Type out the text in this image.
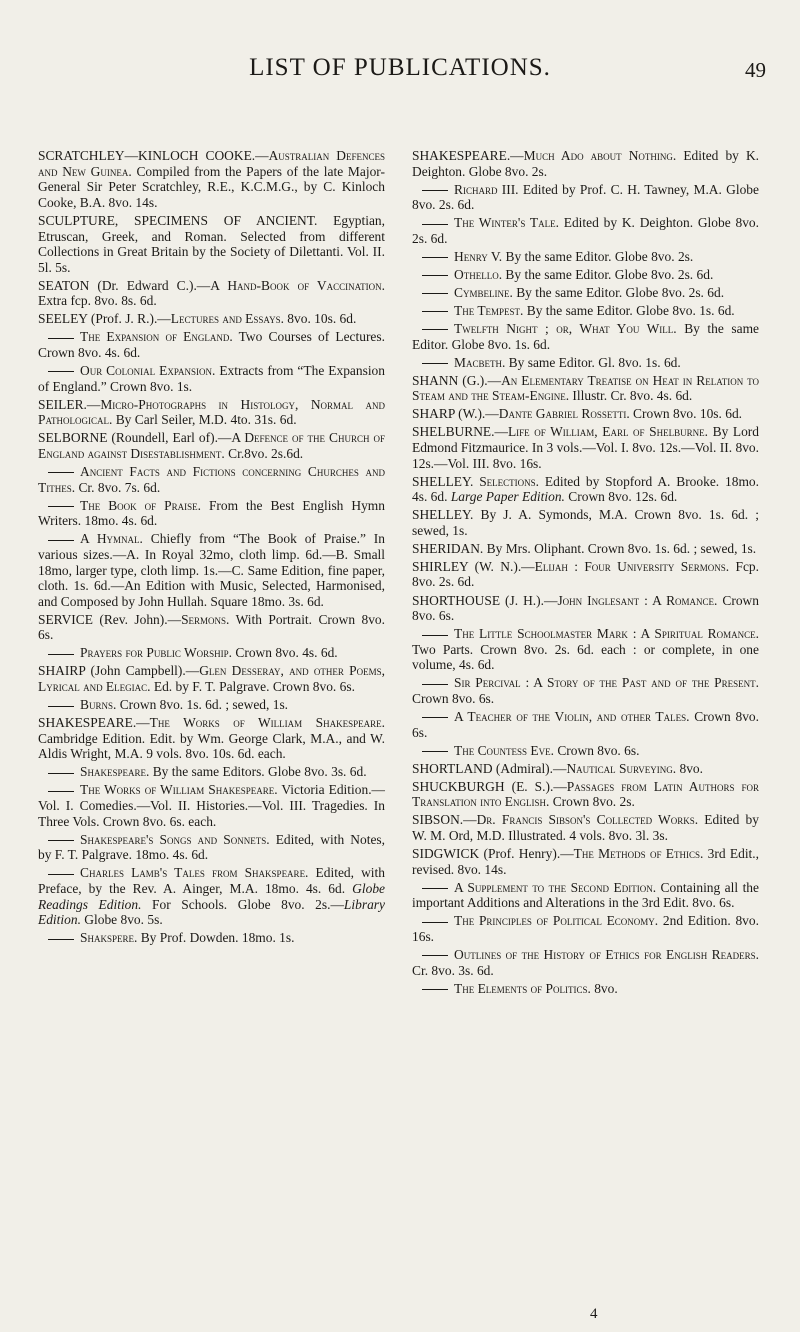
LIST OF PUBLICATIONS.	49
SCRATCHLEY—KINLOCH COOKE.—Australian Defences and New Guinea. Compiled from the Papers of the late Major-General Sir Peter Scratchley, R.E., K.C.M.G., by C. Kinloch Cooke, B.A. 8vo. 14s.
SCULPTURE, SPECIMENS OF ANCIENT. Egyptian, Etruscan, Greek, and Roman. Selected from different Collections in Great Britain by the Society of Dilettanti. Vol. II. 5l. 5s.
SEATON (Dr. Edward C.).—A Hand-Book of Vaccination. Extra fcp. 8vo. 8s. 6d.
SEELEY (Prof. J. R.).—Lectures and Essays. 8vo. 10s. 6d.
The Expansion of England. Two Courses of Lectures. Crown 8vo. 4s. 6d.
Our Colonial Expansion. Extracts from “The Expansion of England.” Crown 8vo. 1s.
SEILER.—Micro-Photographs in Histology, Normal and Pathological. By Carl Seiler, M.D. 4to. 31s. 6d.
SELBORNE (Roundell, Earl of).—A Defence of the Church of England against Disestablishment. Cr.8vo. 2s.6d.
Ancient Facts and Fictions concerning Churches and Tithes. Cr. 8vo. 7s. 6d.
The Book of Praise. From the Best English Hymn Writers. 18mo. 4s. 6d.
A Hymnal. Chiefly from “The Book of Praise.” In various sizes.—A. In Royal 32mo, cloth limp. 6d.—B. Small 18mo, larger type, cloth limp. 1s.—C. Same Edition, fine paper, cloth. 1s. 6d.—An Edition with Music, Selected, Harmonised, and Composed by John Hullah. Square 18mo. 3s. 6d.
SERVICE (Rev. John).—Sermons. With Portrait. Crown 8vo. 6s.
Prayers for Public Worship. Crown 8vo. 4s. 6d.
SHAIRP (John Campbell).—Glen Desseray, and other Poems, Lyrical and Elegiac. Ed. by F. T. Palgrave. Crown 8vo. 6s.
Burns. Crown 8vo. 1s. 6d. ; sewed, 1s.
SHAKESPEARE.—The Works of William Shakespeare. Cambridge Edition. Edit. by Wm. George Clark, M.A., and W. Aldis Wright, M.A. 9 vols. 8vo. 10s. 6d. each.
Shakespeare. By the same Editors. Globe 8vo. 3s. 6d.
The Works of William Shakespeare. Victoria Edition.—Vol. I. Comedies.—Vol. II. Histories.—Vol. III. Tragedies. In Three Vols. Crown 8vo. 6s. each.
Shakespeare's Songs and Sonnets. Edited, with Notes, by F. T. Palgrave. 18mo. 4s. 6d.
Charles Lamb's Tales from Shakspeare. Edited, with Preface, by the Rev. A. Ainger, M.A. 18mo. 4s. 6d. Globe Readings Edition. For Schools. Globe 8vo. 2s.—Library Edition. Globe 8vo. 5s.
Shakspere. By Prof. Dowden. 18mo. 1s.
SHAKESPEARE.—Much Ado about Nothing. Edited by K. Deighton. Globe 8vo. 2s.
Richard III. Edited by Prof. C. H. Tawney, M.A. Globe 8vo. 2s. 6d.
The Winter's Tale. Edited by K. Deighton. Globe 8vo. 2s. 6d.
Henry V. By the same Editor. Globe 8vo. 2s.
Othello. By the same Editor. Globe 8vo. 2s. 6d.
Cymbeline. By the same Editor. Globe 8vo. 2s. 6d.
The Tempest. By the same Editor. Globe 8vo. 1s. 6d.
Twelfth Night ; or, What You Will. By the same Editor. Globe 8vo. 1s. 6d.
Macbeth. By same Editor. Gl. 8vo. 1s. 6d.
SHANN (G.).—An Elementary Treatise on Heat in Relation to Steam and the Steam-Engine. Illustr. Cr. 8vo. 4s. 6d.
SHARP (W.).—Dante Gabriel Rossetti. Crown 8vo. 10s. 6d.
SHELBURNE.—Life of William, Earl of Shelburne. By Lord Edmond Fitzmaurice. In 3 vols.—Vol. I. 8vo. 12s.—Vol. II. 8vo. 12s.—Vol. III. 8vo. 16s.
SHELLEY. Selections. Edited by Stopford A. Brooke. 18mo. 4s. 6d. Large Paper Edition. Crown 8vo. 12s. 6d.
SHELLEY. By J. A. Symonds, M.A. Crown 8vo. 1s. 6d. ; sewed, 1s.
SHERIDAN. By Mrs. Oliphant. Crown 8vo. 1s. 6d. ; sewed, 1s.
SHIRLEY (W. N.).—Elijah : Four University Sermons. Fcp. 8vo. 2s. 6d.
SHORTHOUSE (J. H.).—John Inglesant : A Romance. Crown 8vo. 6s.
The Little Schoolmaster Mark : A Spiritual Romance. Two Parts. Crown 8vo. 2s. 6d. each : or complete, in one volume, 4s. 6d.
Sir Percival : A Story of the Past and of the Present. Crown 8vo. 6s.
A Teacher of the Violin, and other Tales. Crown 8vo. 6s.
The Countess Eve. Crown 8vo. 6s.
SHORTLAND (Admiral).—Nautical Surveying. 8vo.
SHUCKBURGH (E. S.).—Passages from Latin Authors for Translation into English. Crown 8vo. 2s.
SIBSON.—Dr. Francis Sibson's Collected Works. Edited by W. M. Ord, M.D. Illustrated. 4 vols. 8vo. 3l. 3s.
SIDGWICK (Prof. Henry).—The Methods of Ethics. 3rd Edit., revised. 8vo. 14s.
A Supplement to the Second Edition. Containing all the important Additions and Alterations in the 3rd Edit. 8vo. 6s.
The Principles of Political Economy. 2nd Edition. 8vo. 16s.
Outlines of the History of Ethics for English Readers. Cr. 8vo. 3s. 6d.
The Elements of Politics. 8vo.
4
